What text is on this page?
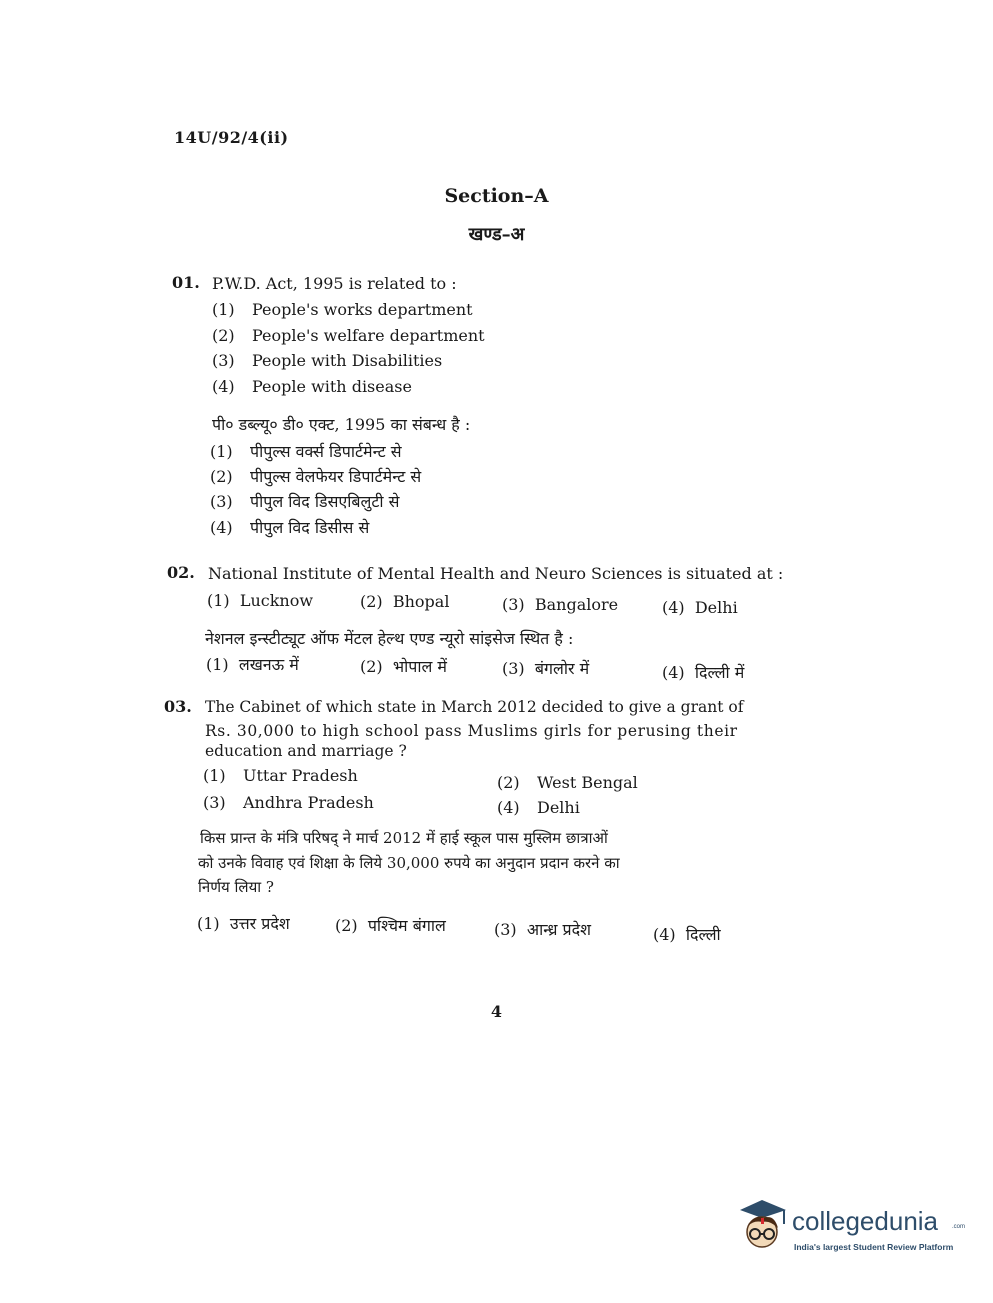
14U/92/4(ii)
Section–A
खण्ड–अ
01. P.W.D. Act, 1995 is related to :
(1) People's works department
(2) People's welfare department
(3) People with Disabilities
(4) People with disease
पी० डब्ल्यू० डी० एक्ट, 1995 का संबन्ध है :
(1) पीपुल्स वर्क्स डिपार्टमेन्ट से
(2) पीपुल्स वेलफेयर डिपार्टमेन्ट से
(3) पीपुल विद डिसएबिलुटी से
(4) पीपुल विद डिसीस से
02. National Institute of Mental Health and Neuro Sciences is situated at :
(1) Lucknow	(2) Bhopal	(3) Bangalore	(4) Delhi
नेशनल इन्स्टीट्यूट ऑफ मेंटल हेल्थ एण्ड न्यूरो सांइसेज स्थित है :
(1) लखनऊ में	(2) भोपाल में	(3) बंगलोर में	(4) दिल्ली में
03. The Cabinet of which state in March 2012 decided to give a grant of
Rs. 30,000 to high school pass Muslims girls for perusing their
education and marriage ?
(1) Uttar Pradesh	(2) West Bengal
(3) Andhra Pradesh	(4) Delhi
किस प्रान्त के मंत्रि परिषद् ने मार्च 2012 में हाई स्कूल पास मुस्लिम छात्राओं
को उनके विवाह एवं शिक्षा के लिये 30,000 रुपये का अनुदान प्रदान करने का
निर्णय लिया ?
(1) उत्तर प्रदेश	(2) पश्चिम बंगाल	(3) आन्ध्र प्रदेश	(4) दिल्ली
4
collegedunia .com
India's largest Student Review Platform
